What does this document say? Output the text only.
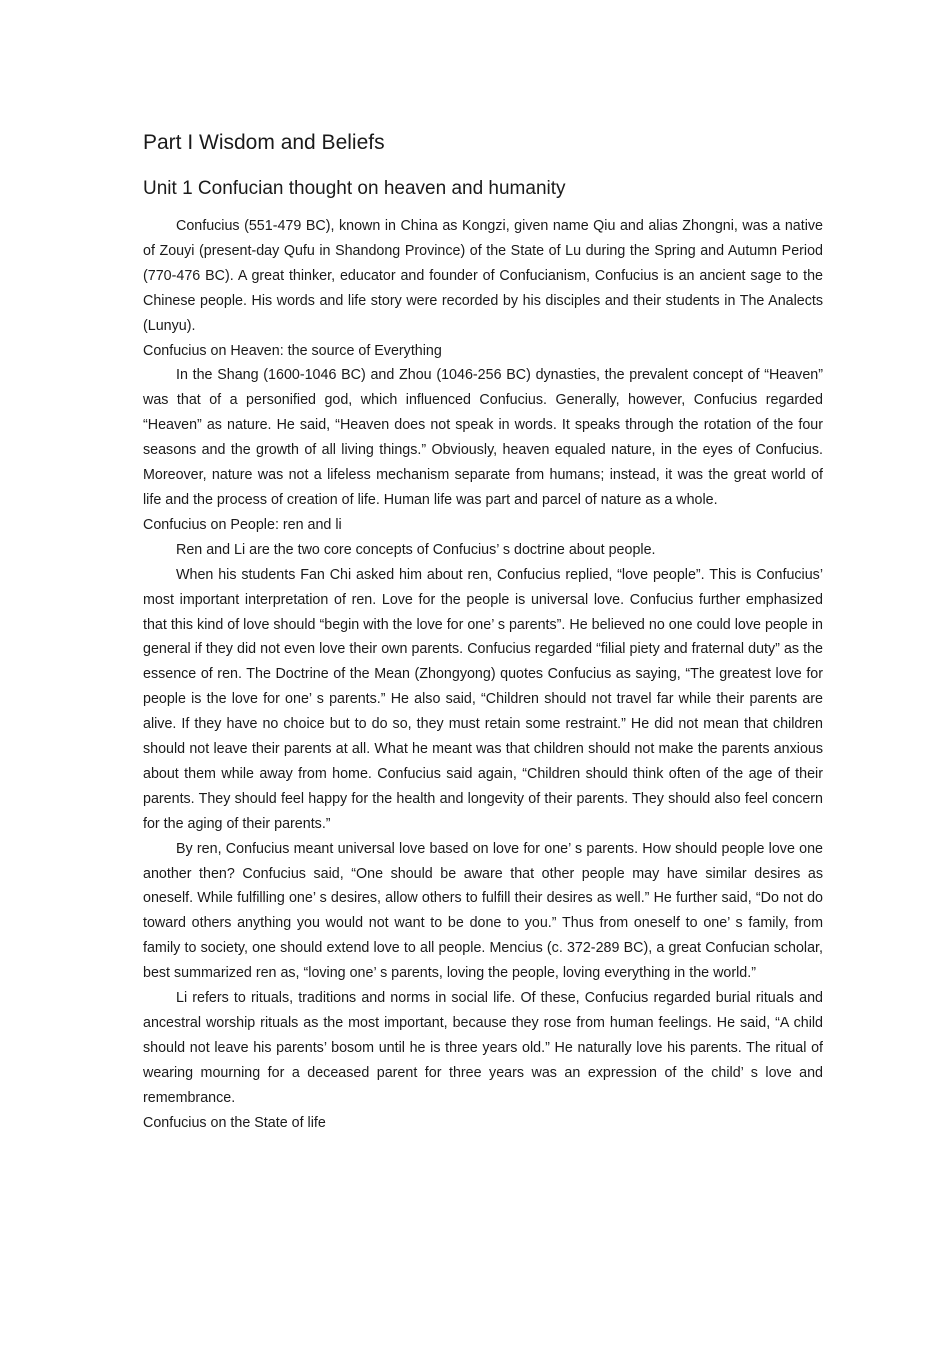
Part I Wisdom and Beliefs
Unit 1 Confucian thought on heaven and humanity

Confucius (551-479 BC), known in China as Kongzi, given name Qiu and alias Zhongni, was a native of Zouyi (present-day Qufu in Shandong Province) of the State of Lu during the Spring and Autumn Period (770-476 BC). A great thinker, educator and founder of Confucianism, Confucius is an ancient sage to the Chinese people. His words and life story were recorded by his disciples and their students in The Analects (Lunyu).

Confucius on Heaven: the source of Everything

In the Shang (1600-1046 BC) and Zhou (1046-256 BC) dynasties, the prevalent concept of “Heaven” was that of a personified god, which influenced Confucius. Generally, however, Confucius regarded “Heaven” as nature. He said, “Heaven does not speak in words. It speaks through the rotation of the four seasons and the growth of all living things.” Obviously, heaven equaled nature, in the eyes of Confucius. Moreover, nature was not a lifeless mechanism separate from humans; instead, it was the great world of life and the process of creation of life. Human life was part and parcel of nature as a whole.

Confucius on People: ren and li

Ren and Li are the two core concepts of Confucius’ s doctrine about people.

When his students Fan Chi asked him about ren, Confucius replied, “love people”. This is Confucius’ most important interpretation of ren. Love for the people is universal love. Confucius further emphasized that this kind of love should “begin with the love for one’ s parents”. He believed no one could love people in general if they did not even love their own parents. Confucius regarded “filial piety and fraternal duty” as the essence of ren. The Doctrine of the Mean (Zhongyong) quotes Confucius as saying, “The greatest love for people is the love for one’ s parents.” He also said, “Children should not travel far while their parents are alive. If they have no choice but to do so, they must retain some restraint.” He did not mean that children should not leave their parents at all. What he meant was that children should not make the parents anxious about them while away from home. Confucius said again, “Children should think often of the age of their parents. They should feel happy for the health and longevity of their parents. They should also feel concern for the aging of their parents.”

By ren, Confucius meant universal love based on love for one’ s parents. How should people love one another then? Confucius said, “One should be aware that other people may have similar desires as oneself. While fulfilling one’ s desires, allow others to fulfill their desires as well.” He further said, “Do not do toward others anything you would not want to be done to you.” Thus from oneself to one’ s family, from family to society, one should extend love to all people. Mencius (c. 372-289 BC), a great Confucian scholar, best summarized ren as, “loving one’ s parents, loving the people, loving everything in the world.”

Li refers to rituals, traditions and norms in social life. Of these, Confucius regarded burial rituals and ancestral worship rituals as the most important, because they rose from human feelings. He said, “A child should not leave his parents’ bosom until he is three years old.” He naturally love his parents. The ritual of wearing mourning for a deceased parent for three years was an expression of the child’ s love and remembrance.

Confucius on the State of life
